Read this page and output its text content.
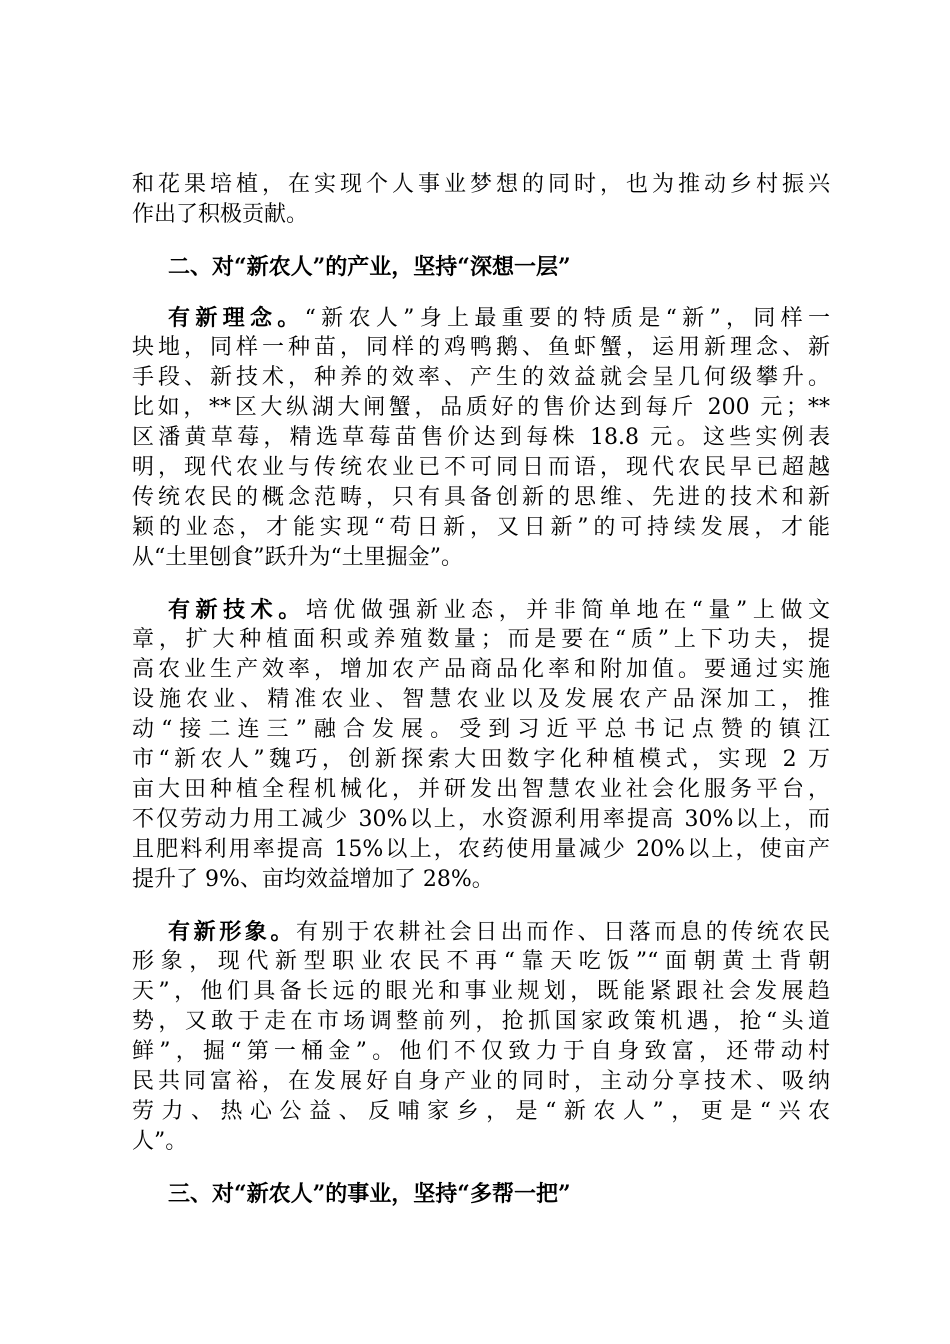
和花果培植，在实现个人事业梦想的同时，也为推动乡村振兴
作出了积极贡献。
二、对“新农人”的产业，坚持“深想一层”
有新理念。“新农人”身上最重要的特质是“新”，同样一
块地，同样一种苗，同样的鸡鸭鹅、鱼虾蟹，运用新理念、新
手段、新技术，种养的效率、产生的效益就会呈几何级攀升。
比如，**区大纵湖大闸蟹，品质好的售价达到每斤 200 元；**
区潘黄草莓，精选草莓苗售价达到每株 18.8 元。这些实例表
明，现代农业与传统农业已不可同日而语，现代农民早已超越
传统农民的概念范畴，只有具备创新的思维、先进的技术和新
颖的业态，才能实现“苟日新，又日新”的可持续发展，才能
从“土里刨食”跃升为“土里掘金”。
有新技术。培优做强新业态，并非简单地在“量”上做文
章，扩大种植面积或养殖数量；而是要在“质”上下功夫，提
高农业生产效率，增加农产品商品化率和附加值。要通过实施
设施农业、精准农业、智慧农业以及发展农产品深加工，推
动“接二连三”融合发展。受到习近平总书记点赞的镇江
市“新农人”魏巧，创新探索大田数字化种植模式，实现 2 万
亩大田种植全程机械化，并研发出智慧农业社会化服务平台，
不仅劳动力用工减少 30%以上，水资源利用率提高 30%以上，而
且肥料利用率提高 15%以上，农药使用量减少 20%以上，使亩产
提升了 9%、亩均效益增加了 28%。
有新形象。有别于农耕社会日出而作、日落而息的传统农民
形象，现代新型职业农民不再“靠天吃饭”“面朝黄土背朝
天”，他们具备长远的眼光和事业规划，既能紧跟社会发展趋
势，又敢于走在市场调整前列，抢抓国家政策机遇，抢“头道
鲜”，掘“第一桶金”。他们不仅致力于自身致富，还带动村
民共同富裕，在发展好自身产业的同时，主动分享技术、吸纳
劳力、热心公益、反哺家乡，是“新农人”，更是“兴农
人”。
三、对“新农人”的事业，坚持“多帮一把”
